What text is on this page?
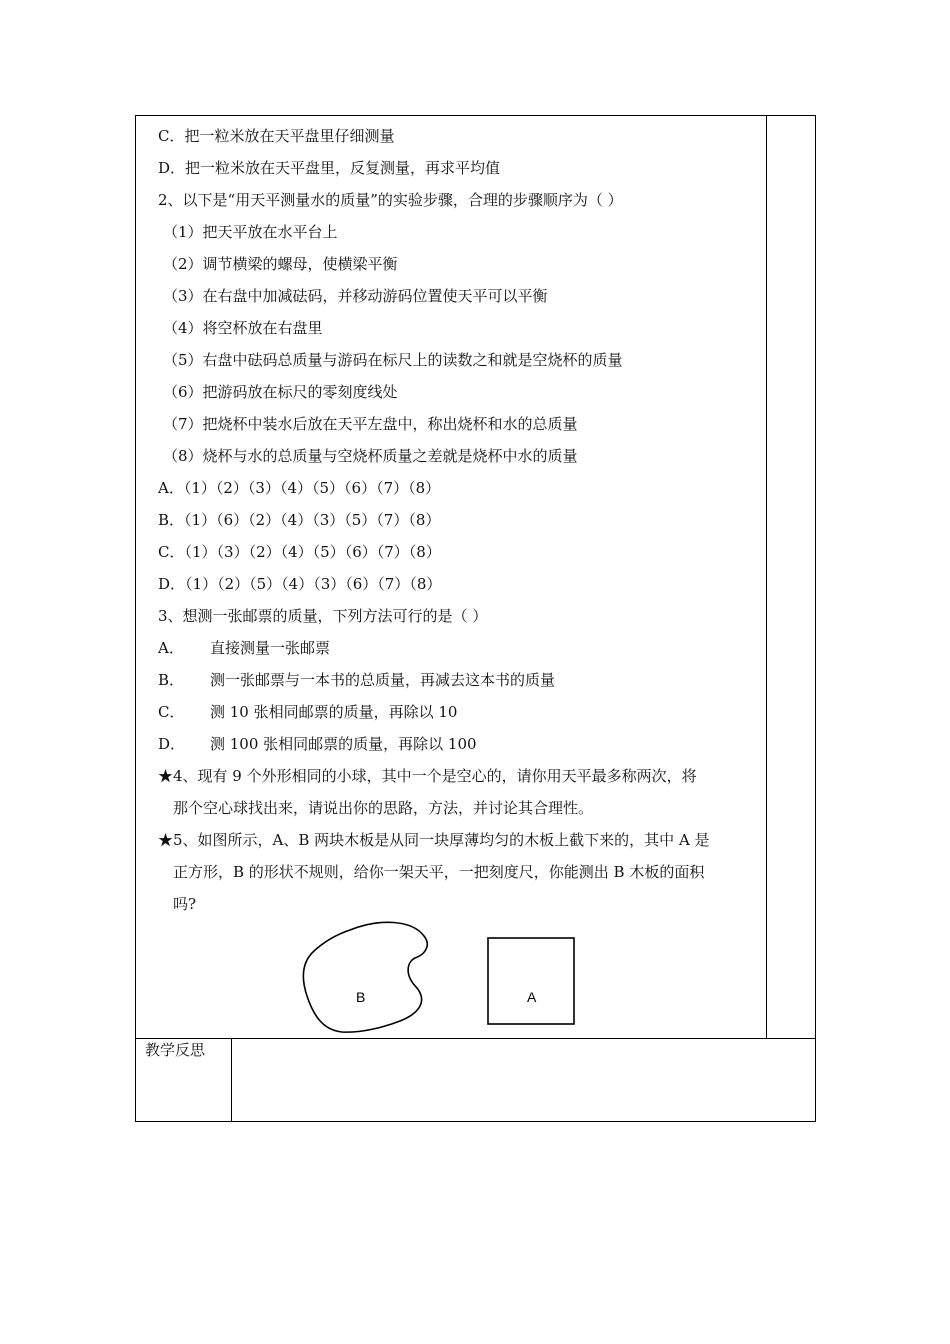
C．把一粒米放在天平盘里仔细测量
D．把一粒米放在天平盘里，反复测量，再求平均值
2、以下是“用天平测量水的质量”的实验步骤，合理的步骤顺序为（ ）
（1）把天平放在水平台上
（2）调节横梁的螺母，使横梁平衡
（3）在右盘中加减砝码，并移动游码位置使天平可以平衡
（4）将空杯放在右盘里
（5）右盘中砝码总质量与游码在标尺上的读数之和就是空烧杯的质量
（6）把游码放在标尺的零刻度线处
（7）把烧杯中装水后放在天平左盘中，称出烧杯和水的总质量
（8）烧杯与水的总质量与空烧杯质量之差就是烧杯中水的质量
A．（1）（2）（3）（4）（5）（6）（7）（8）
B．（1）（6）（2）（4）（3）（5）（7）（8）
C．（1）（3）（2）（4）（5）（6）（7）（8）
D．（1）（2）（5）（4）（3）（6）（7）（8）
3、想测一张邮票的质量，下列方法可行的是（ ）
A． 直接测量一张邮票
B． 测一张邮票与一本书的总质量，再减去这本书的质量
C． 测 10 张相同邮票的质量，再除以 10
D． 测 100 张相同邮票的质量，再除以 100
★4、现有 9 个外形相同的小球，其中一个是空心的，请你用天平最多称两次，将
那个空心球找出来，请说出你的思路，方法，并讨论其合理性。
★5、如图所示，A、B 两块木板是从同一块厚薄均匀的木板上截下来的，其中 A 是
正方形，B 的形状不规则，给你一架天平，一把刻度尺，你能测出 B 木板的面积
吗?
B	A
教学反思
